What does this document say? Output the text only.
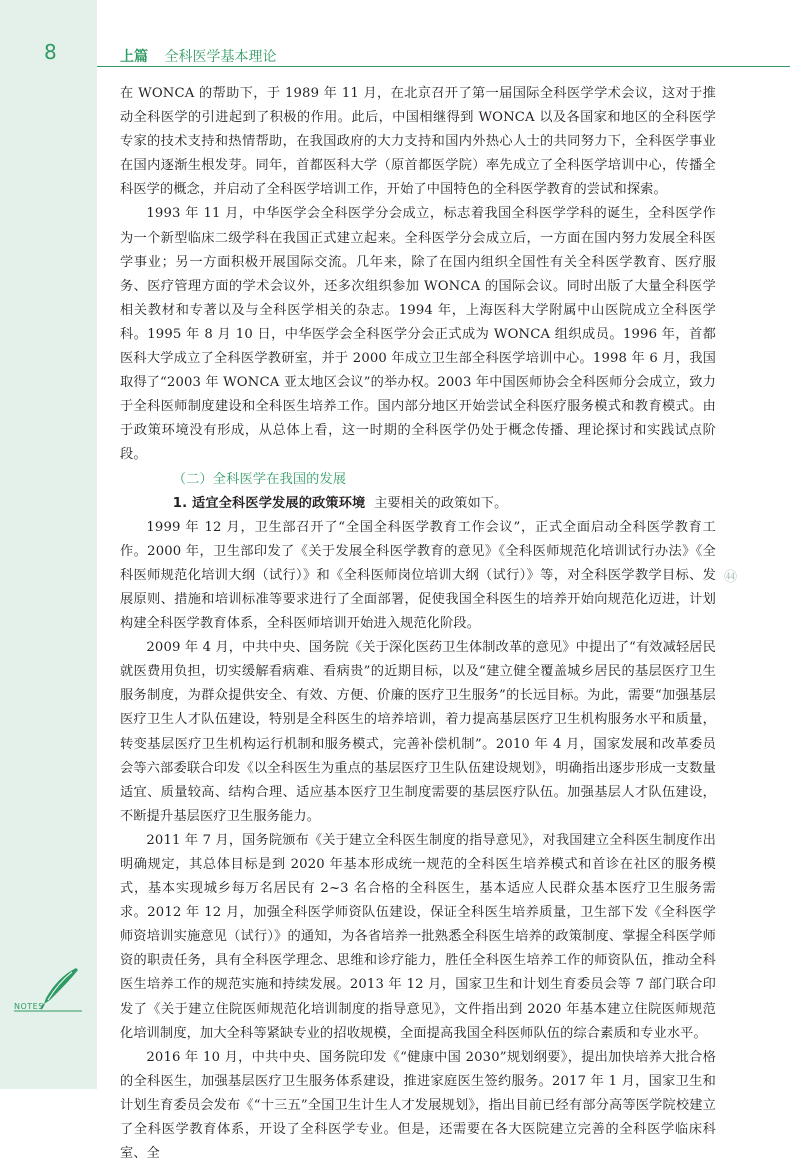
8	上篇 全科医学基本理论

在 WONCA 的帮助下，于 1989 年 11 月，在北京召开了第一届国际全科医学学术会议，这对于推动全科医学的引进起到了积极的作用。此后，中国相继得到 WONCA 以及各国家和地区的全科医学专家的技术支持和热情帮助，在我国政府的大力支持和国内外热心人士的共同努力下，全科医学事业在国内逐渐生根发芽。同年，首都医科大学（原首都医学院）率先成立了全科医学培训中心，传播全科医学的概念，并启动了全科医学培训工作，开始了中国特色的全科医学教育的尝试和探索。

1993 年 11 月，中华医学会全科医学分会成立，标志着我国全科医学学科的诞生，全科医学作为一个新型临床二级学科在我国正式建立起来。全科医学分会成立后，一方面在国内努力发展全科医学事业；另一方面积极开展国际交流。几年来，除了在国内组织全国性有关全科医学教育、医疗服务、医疗管理方面的学术会议外，还多次组织参加 WONCA 的国际会议。同时出版了大量全科医学相关教材和专著以及与全科医学相关的杂志。1994 年，上海医科大学附属中山医院成立全科医学科。1995 年 8 月 10 日，中华医学会全科医学分会正式成为 WONCA 组织成员。1996 年，首都医科大学成立了全科医学教研室，并于 2000 年成立卫生部全科医学培训中心。1998 年 6 月，我国取得了“2003 年 WONCA 亚太地区会议”的举办权。2003 年中国医师协会全科医师分会成立，致力于全科医师制度建设和全科医生培养工作。国内部分地区开始尝试全科医疗服务模式和教育模式。由于政策环境没有形成，从总体上看，这一时期的全科医学仍处于概念传播、理论探讨和实践试点阶段。

（二）全科医学在我国的发展

1. 适宜全科医学发展的政策环境 主要相关的政策如下。

1999 年 12 月，卫生部召开了“全国全科医学教育工作会议”，正式全面启动全科医学教育工作。2000 年，卫生部印发了《关于发展全科医学教育的意见》《全科医师规范化培训试行办法》《全科医师规范化培训大纲（试行）》和《全科医师岗位培训大纲（试行）》等，对全科医学教学目标、发展原则、措施和培训标准等要求进行了全面部署，促使我国全科医生的培养开始向规范化迈进，计划构建全科医学教育体系，全科医师培训开始进入规范化阶段。

2009 年 4 月，中共中央、国务院《关于深化医药卫生体制改革的意见》中提出了“有效减轻居民就医费用负担，切实缓解看病难、看病贵”的近期目标，以及“建立健全覆盖城乡居民的基层医疗卫生服务制度，为群众提供安全、有效、方便、价廉的医疗卫生服务”的长远目标。为此，需要“加强基层医疗卫生人才队伍建设，特别是全科医生的培养培训，着力提高基层医疗卫生机构服务水平和质量，转变基层医疗卫生机构运行机制和服务模式，完善补偿机制”。2010 年 4 月，国家发展和改革委员会等六部委联合印发《以全科医生为重点的基层医疗卫生队伍建设规划》，明确指出逐步形成一支数量适宜、质量较高、结构合理、适应基本医疗卫生制度需要的基层医疗队伍。加强基层人才队伍建设，不断提升基层医疗卫生服务能力。

2011 年 7 月，国务院颁布《关于建立全科医生制度的指导意见》，对我国建立全科医生制度作出明确规定，其总体目标是到 2020 年基本形成统一规范的全科医生培养模式和首诊在社区的服务模式，基本实现城乡每万名居民有 2~3 名合格的全科医生，基本适应人民群众基本医疗卫生服务需求。2012 年 12 月，加强全科医学师资队伍建设，保证全科医生培养质量，卫生部下发《全科医学师资培训实施意见（试行）》的通知，为各省培养一批熟悉全科医生培养的政策制度、掌握全科医学师资的职责任务，具有全科医学理念、思维和诊疗能力，胜任全科医生培养工作的师资队伍，推动全科医生培养工作的规范实施和持续发展。2013 年 12 月，国家卫生和计划生育委员会等 7 部门联合印发了《关于建立住院医师规范化培训制度的指导意见》，文件指出到 2020 年基本建立住院医师规范化培训制度，加大全科等紧缺专业的招收规模，全面提高我国全科医师队伍的综合素质和专业水平。

2016 年 10 月，中共中央、国务院印发《“健康中国 2030”规划纲要》，提出加快培养大批合格的全科医生，加强基层医疗卫生服务体系建设，推进家庭医生签约服务。2017 年 1 月，国家卫生和计划生育委员会发布《“十三五”全国卫生计生人才发展规划》，指出目前已经有部分高等医学院校建立了全科医学教育体系，开设了全科医学专业。但是，还需要在各大医院建立完善的全科医学临床科室、全

㊹
NOTES
